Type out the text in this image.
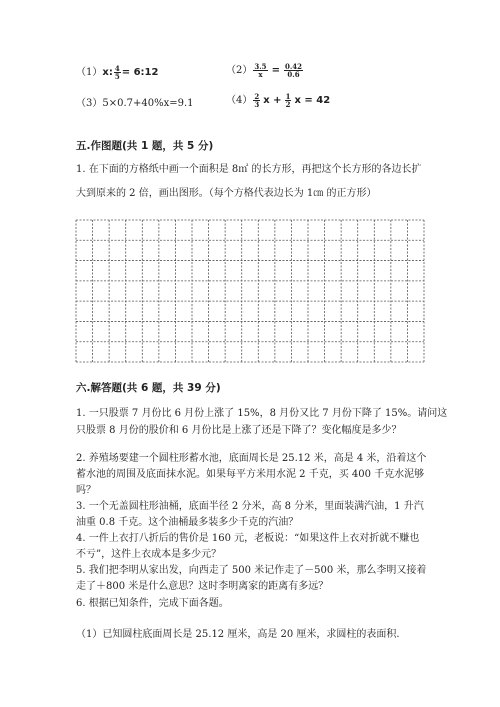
（1）x: $\frac{4}{5}$ = 6:12	$(2) \frac{3.5}{x} = \frac{0.42}{0.6}$
（3）5×0.7+40%x=9.1	$(4) \frac{2}{3}$ $x + \frac{1}{2}$ x = 42
五.作图题(共 1 题，共 5 分)
1. 在下面的方格纸中画一个面积是 8㎡ 的长方形，再把这个长方形的各边长扩
大到原来的 2 倍，画出图形。（每个方格代表边长为 1㎝ 的正方形）
六.解答题(共 6 题，共 39 分)
1. 一只股票 7 月份比 6 月份上涨了 15%，8 月份又比 7 月份下降了 15%。请问这
只股票 8 月份的股价和 6 月份比是上涨了还是下降了？变化幅度是多少？
2. 养殖场要建一个圆柱形蓄水池，底面周长是 25.12 米，高是 4 米，沿着这个
蓄水池的周围及底面抹水泥。如果每平方米用水泥 2 千克，买 400 千克水泥够
吗？
3. 一个无盖圆柱形油桶，底面半径 2 分米，高 8 分米，里面装满汽油，1 升汽
油重 0.8 千克。这个油桶最多装多少千克的汽油？
4. 一件上衣打八折后的售价是 160 元，老板说：“如果这件上衣对折就不赚也
不亏”，这件上衣成本是多少元？
5. 我们把李明从家出发，向西走了 500 米记作走了－500 米，那么李明又接着
走了＋800 米是什么意思？这时李明离家的距离有多远？
6. 根据已知条件，完成下面各题。
（1）已知圆柱底面周长是 25.12 厘米，高是 20 厘米，求圆柱的表面积.
